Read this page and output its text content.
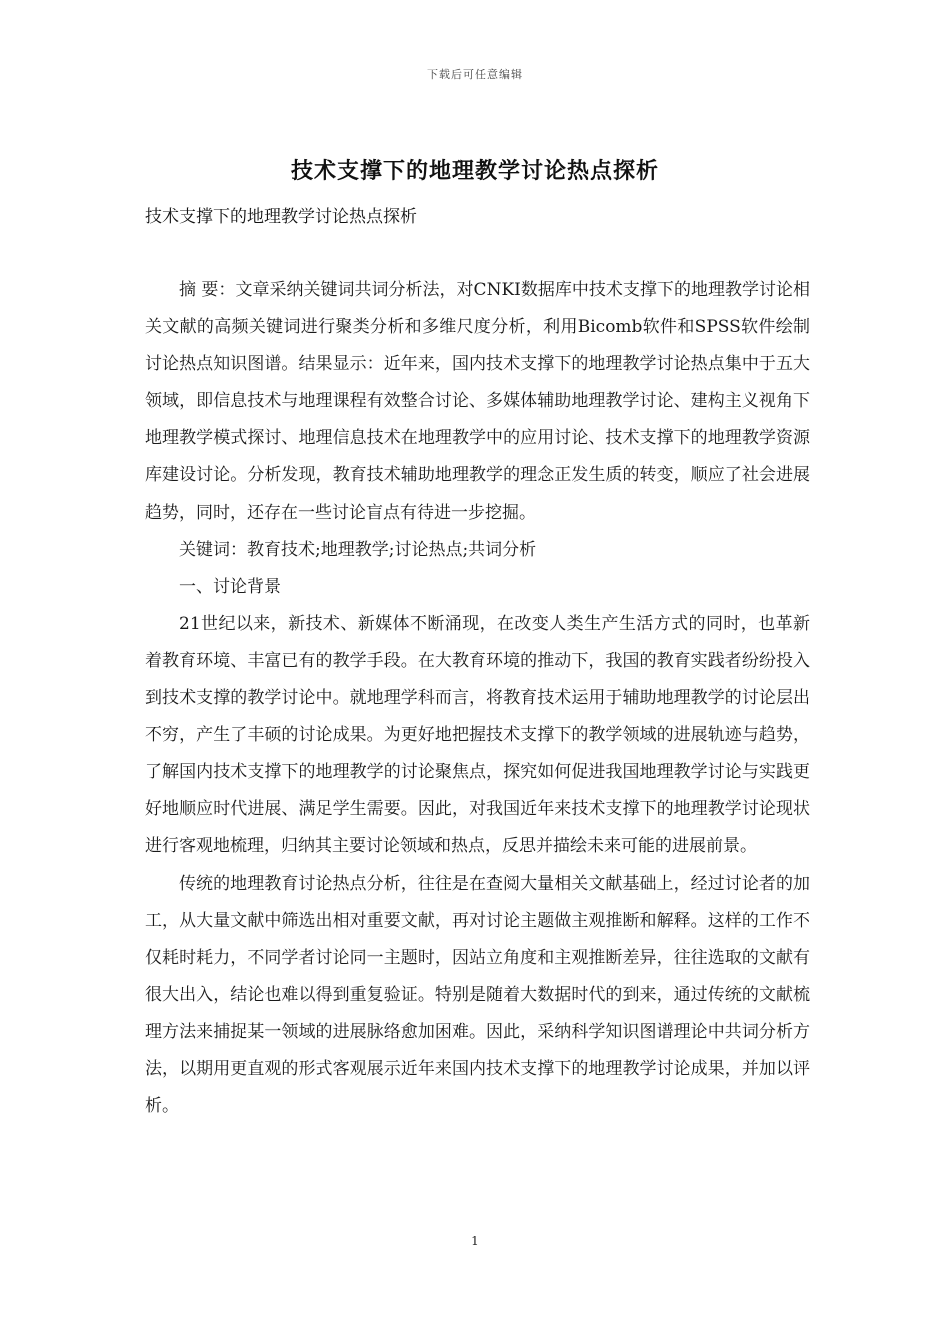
下载后可任意编辑
技术支撑下的地理教学讨论热点探析
技术支撑下的地理教学讨论热点探析

摘 要：文章采纳关键词共词分析法，对CNKI数据库中技术支撑下的地理教学讨论相关文献的高频关键词进行聚类分析和多维尺度分析，利用Bicomb软件和SPSS软件绘制讨论热点知识图谱。结果显示：近年来，国内技术支撑下的地理教学讨论热点集中于五大领域，即信息技术与地理课程有效整合讨论、多媒体辅助地理教学讨论、建构主义视角下地理教学模式探讨、地理信息技术在地理教学中的应用讨论、技术支撑下的地理教学资源库建设讨论。分析发现，教育技术辅助地理教学的理念正发生质的转变，顺应了社会进展趋势，同时，还存在一些讨论盲点有待进一步挖掘。

关键词：教育技术;地理教学;讨论热点;共词分析

一、讨论背景

21世纪以来，新技术、新媒体不断涌现，在改变人类生产生活方式的同时，也革新着教育环境、丰富已有的教学手段。在大教育环境的推动下，我国的教育实践者纷纷投入到技术支撑的教学讨论中。就地理学科而言，将教育技术运用于辅助地理教学的讨论层出不穷，产生了丰硕的讨论成果。为更好地把握技术支撑下的教学领域的进展轨迹与趋势，了解国内技术支撑下的地理教学的讨论聚焦点，探究如何促进我国地理教学讨论与实践更好地顺应时代进展、满足学生需要。因此，对我国近年来技术支撑下的地理教学讨论现状进行客观地梳理，归纳其主要讨论领域和热点，反思并描绘未来可能的进展前景。

传统的地理教育讨论热点分析，往往是在查阅大量相关文献基础上，经过讨论者的加工，从大量文献中筛选出相对重要文献，再对讨论主题做主观推断和解释。这样的工作不仅耗时耗力，不同学者讨论同一主题时，因站立角度和主观推断差异，往往选取的文献有很大出入，结论也难以得到重复验证。特别是随着大数据时代的到来，通过传统的文献梳理方法来捕捉某一领域的进展脉络愈加困难。因此，采纳科学知识图谱理论中共词分析方法，以期用更直观的形式客观展示近年来国内技术支撑下的地理教学讨论成果，并加以评析。

1
